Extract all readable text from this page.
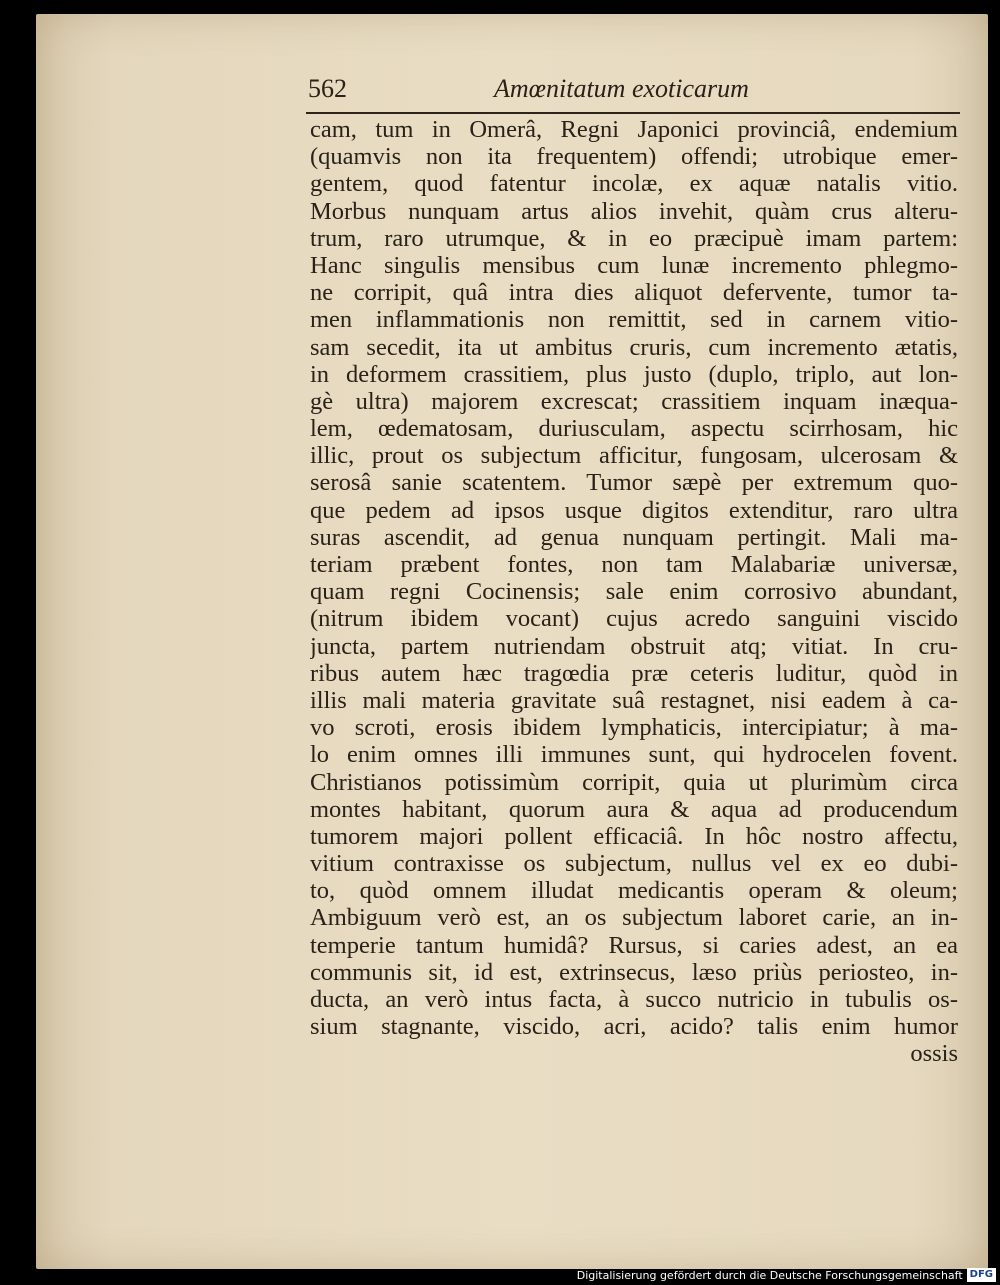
562	Amœnitatum exoticarum
cam, tum in Omerâ, Regni Japonici provinciâ, endemium
(quamvis non ita frequentem) offendi; utrobique emer-
gentem, quod fatentur incolæ, ex aquæ natalis vitio.
Morbus nunquam artus alios invehit, quàm crus alteru-
trum, raro utrumque, & in eo præcipuè imam partem:
Hanc singulis mensibus cum lunæ incremento phlegmo-
ne corripit, quâ intra dies aliquot defervente, tumor ta-
men inflammationis non remittit, sed in carnem vitio-
sam secedit, ita ut ambitus cruris, cum incremento ætatis,
in deformem crassitiem, plus justo (duplo, triplo, aut lon-
gè ultra) majorem excrescat; crassitiem inquam inæqua-
lem, œdematosam, duriusculam, aspectu scirrhosam, hic
illic, prout os subjectum afficitur, fungosam, ulcerosam &
serosâ sanie scatentem. Tumor sæpè per extremum quo-
que pedem ad ipsos usque digitos extenditur, raro ultra
suras ascendit, ad genua nunquam pertingit. Mali ma-
teriam præbent fontes, non tam Malabariæ universæ,
quam regni Cocinensis; sale enim corrosivo abundant,
(nitrum ibidem vocant) cujus acredo sanguini viscido
juncta, partem nutriendam obstruit atq; vitiat. In cru-
ribus autem hæc tragœdia præ ceteris luditur, quòd in
illis mali materia gravitate suâ restagnet, nisi eadem à ca-
vo scroti, erosis ibidem lymphaticis, intercipiatur; à ma-
lo enim omnes illi immunes sunt, qui hydrocelen fovent.
Christianos potissimùm corripit, quia ut plurimùm circa
montes habitant, quorum aura & aqua ad producendum
tumorem majori pollent efficaciâ. In hôc nostro affectu,
vitium contraxisse os subjectum, nullus vel ex eo dubi-
to, quòd omnem illudat medicantis operam & oleum;
Ambiguum verò est, an os subjectum laboret carie, an in-
temperie tantum humidâ? Rursus, si caries adest, an ea
communis sit, id est, extrinsecus, læso priùs periosteo, in-
ducta, an verò intus facta, à succo nutricio in tubulis os-
sium stagnante, viscido, acri, acido? talis enim humor
ossis
Digitalisierung gefördert durch die Deutsche Forschungsgemeinschaft DFG
